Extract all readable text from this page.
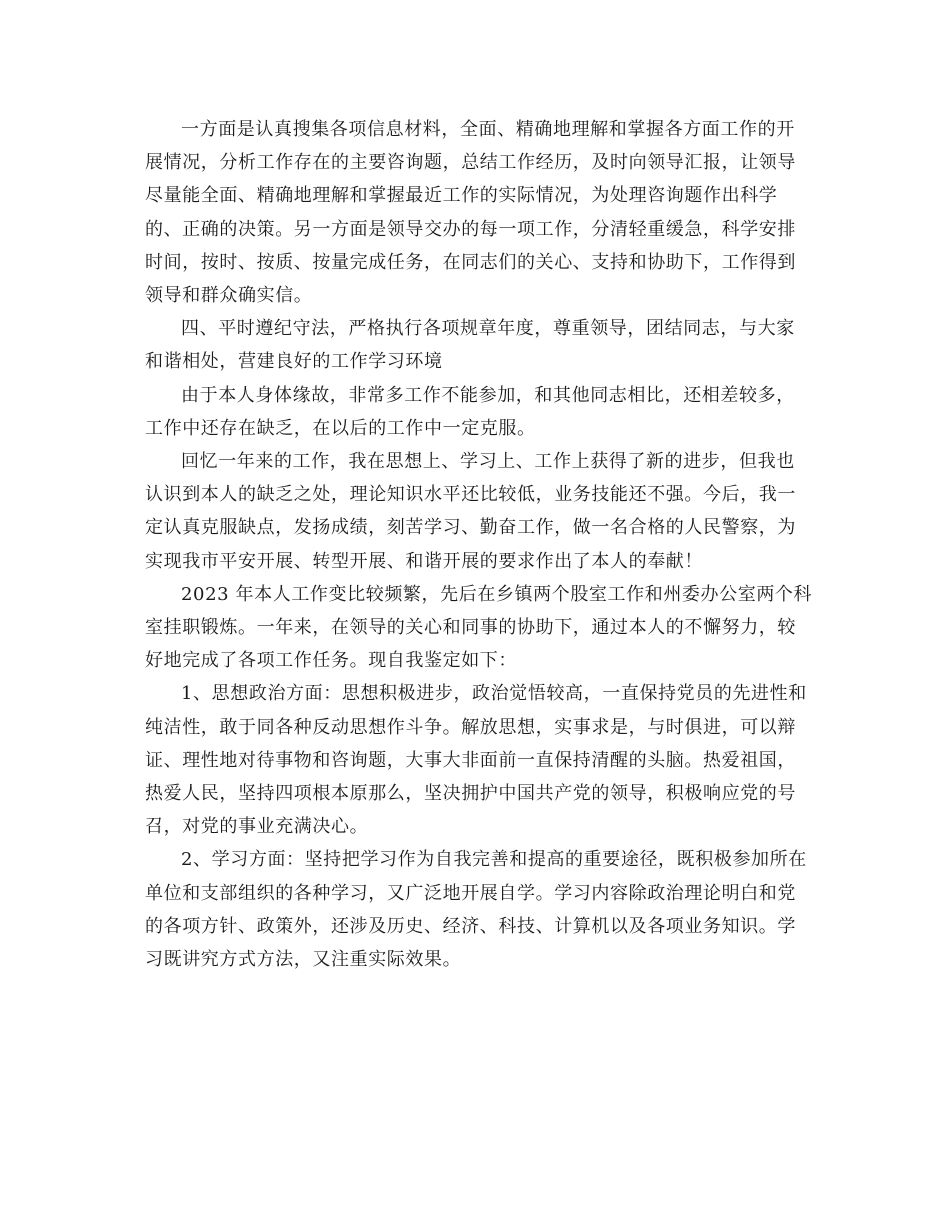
一方面是认真搜集各项信息材料，全面、精确地理解和掌握各方面工作的开
展情况，分析工作存在的主要咨询题，总结工作经历，及时向领导汇报，让领导
尽量能全面、精确地理解和掌握最近工作的实际情况，为处理咨询题作出科学
的、正确的决策。另一方面是领导交办的每一项工作，分清轻重缓急，科学安排
时间，按时、按质、按量完成任务，在同志们的关心、支持和协助下，工作得到
领导和群众确实信。

四、平时遵纪守法，严格执行各项规章年度，尊重领导，团结同志，与大家
和谐相处，营建良好的工作学习环境

由于本人身体缘故，非常多工作不能参加，和其他同志相比，还相差较多，
工作中还存在缺乏，在以后的工作中一定克服。

回忆一年来的工作，我在思想上、学习上、工作上获得了新的进步，但我也
认识到本人的缺乏之处，理论知识水平还比较低，业务技能还不强。今后，我一
定认真克服缺点，发扬成绩，刻苦学习、勤奋工作，做一名合格的人民警察，为
实现我市平安开展、转型开展、和谐开展的要求作出了本人的奉献！

2023 年本人工作变比较频繁，先后在乡镇两个股室工作和州委办公室两个科
室挂职锻炼。一年来，在领导的关心和同事的协助下，通过本人的不懈努力，较
好地完成了各项工作任务。现自我鉴定如下：

1、思想政治方面：思想积极进步，政治觉悟较高，一直保持党员的先进性和
纯洁性，敢于同各种反动思想作斗争。解放思想，实事求是，与时俱进，可以辩
证、理性地对待事物和咨询题，大事大非面前一直保持清醒的头脑。热爱祖国，
热爱人民，坚持四项根本原那么，坚决拥护中国共产党的领导，积极响应党的号
召，对党的事业充满决心。

2、学习方面：坚持把学习作为自我完善和提高的重要途径，既积极参加所在
单位和支部组织的各种学习，又广泛地开展自学。学习内容除政治理论明白和党
的各项方针、政策外，还涉及历史、经济、科技、计算机以及各项业务知识。学
习既讲究方式方法，又注重实际效果。
